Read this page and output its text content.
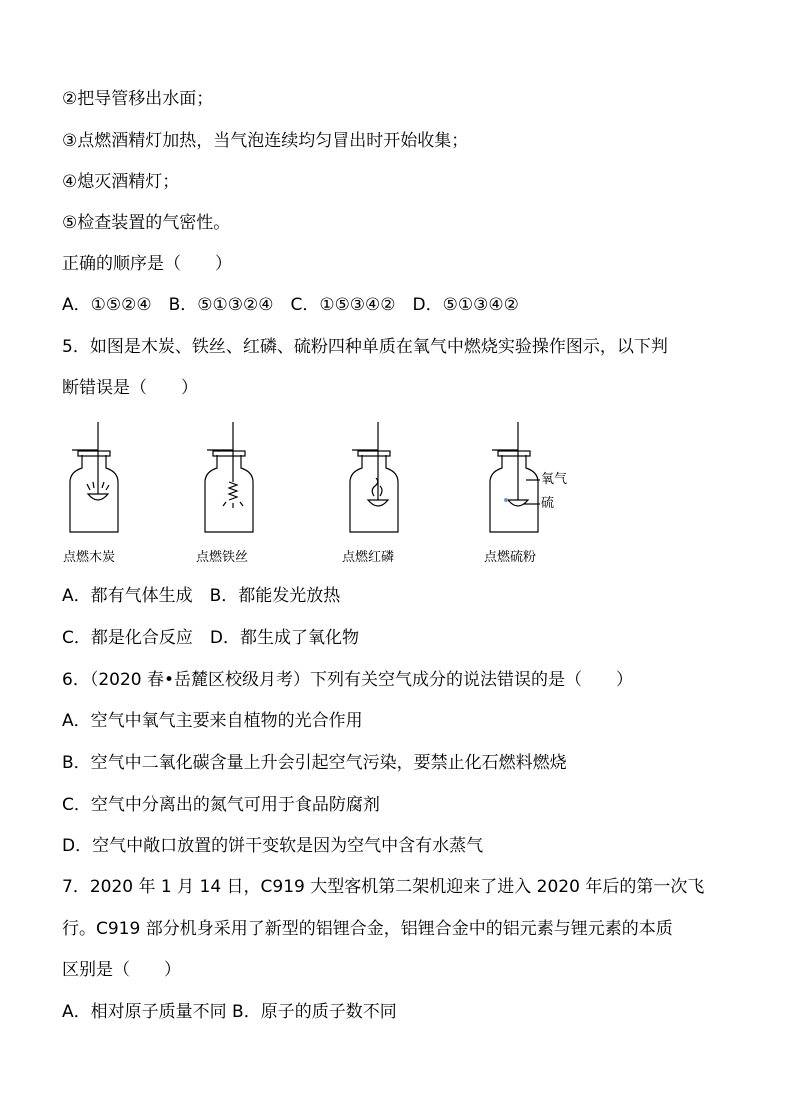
②把导管移出水面；
③点燃酒精灯加热，当气泡连续均匀冒出时开始收集；
④熄灭酒精灯；
⑤检查装置的气密性。
正确的顺序是（　　）
A．①⑤②④　B．⑤①③②④　C．①⑤③④②　D．⑤①③④②
5．如图是木炭、铁丝、红磷、硫粉四种单质在氧气中燃烧实验操作图示，以下判
断错误是（　　）
氧气
硫
点燃木炭	点燃铁丝	点燃红磷	点燃硫粉
A．都有气体生成　B．都能发光放热
C．都是化合反应　D．都生成了氧化物
6．（2020 春•岳麓区校级月考）下列有关空气成分的说法错误的是（　　）
A．空气中氧气主要来自植物的光合作用
B．空气中二氧化碳含量上升会引起空气污染，要禁止化石燃料燃烧
C．空气中分离出的氮气可用于食品防腐剂
D．空气中敞口放置的饼干变软是因为空气中含有水蒸气
7．2020 年 1 月 14 日，C919 大型客机第二架机迎来了进入 2020 年后的第一次飞
行。C919 部分机身采用了新型的铝锂合金，铝锂合金中的铝元素与锂元素的本质
区别是（　　）
A．相对原子质量不同 B．原子的质子数不同
